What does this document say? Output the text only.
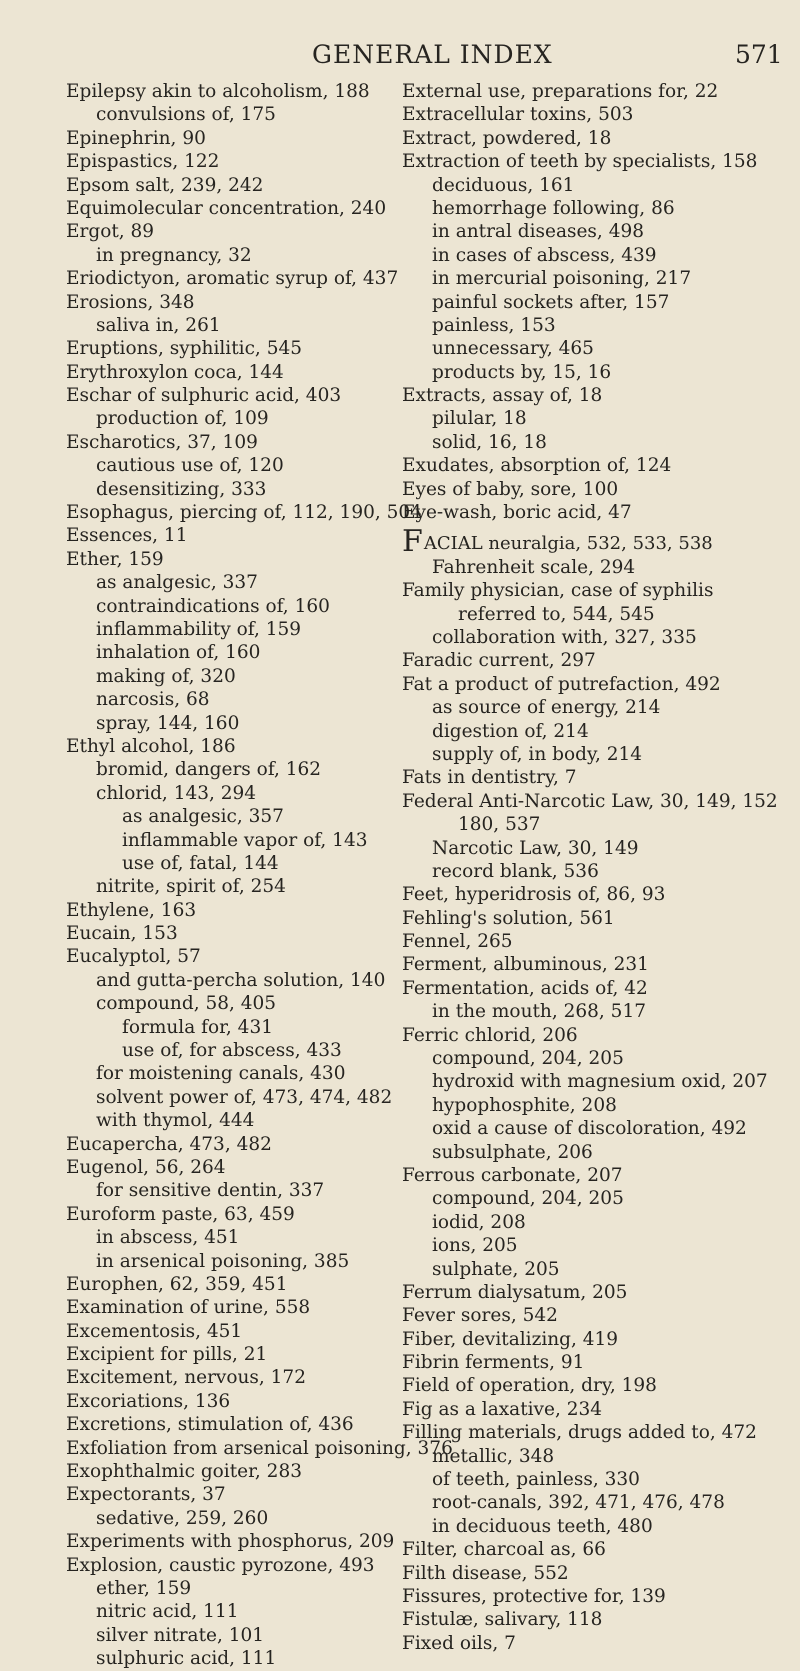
GENERAL INDEX	571
Epilepsy akin to alcoholism, 188
convulsions of, 175
Epinephrin, 90
Epispastics, 122
Epsom salt, 239, 242
Equimolecular concentration, 240
Ergot, 89
in pregnancy, 32
Eriodictyon, aromatic syrup of, 437
Erosions, 348
saliva in, 261
Eruptions, syphilitic, 545
Erythroxylon coca, 144
Eschar of sulphuric acid, 403
production of, 109
Escharotics, 37, 109
cautious use of, 120
desensitizing, 333
Esophagus, piercing of, 112, 190, 504
Essences, 11
Ether, 159
as analgesic, 337
contraindications of, 160
inflammability of, 159
inhalation of, 160
making of, 320
narcosis, 68
spray, 144, 160
Ethyl alcohol, 186
bromid, dangers of, 162
chlorid, 143, 294
as analgesic, 357
inflammable vapor of, 143
use of, fatal, 144
nitrite, spirit of, 254
Ethylene, 163
Eucain, 153
Eucalyptol, 57
and gutta-percha solution, 140
compound, 58, 405
formula for, 431
use of, for abscess, 433
for moistening canals, 430
solvent power of, 473, 474, 482
with thymol, 444
Eucapercha, 473, 482
Eugenol, 56, 264
for sensitive dentin, 337
Euroform paste, 63, 459
in abscess, 451
in arsenical poisoning, 385
Europhen, 62, 359, 451
Examination of urine, 558
Excementosis, 451
Excipient for pills, 21
Excitement, nervous, 172
Excoriations, 136
Excretions, stimulation of, 436
Exfoliation from arsenical poisoning, 376
Exophthalmic goiter, 283
Expectorants, 37
sedative, 259, 260
Experiments with phosphorus, 209
Explosion, caustic pyrozone, 493
ether, 159
nitric acid, 111
silver nitrate, 101
sulphuric acid, 111
External use, preparations for, 22
Extracellular toxins, 503
Extract, powdered, 18
Extraction of teeth by specialists, 158
deciduous, 161
hemorrhage following, 86
in antral diseases, 498
in cases of abscess, 439
in mercurial poisoning, 217
painful sockets after, 157
painless, 153
unnecessary, 465
products by, 15, 16
Extracts, assay of, 18
pilular, 18
solid, 16, 18
Exudates, absorption of, 124
Eyes of baby, sore, 100
Eye-wash, boric acid, 47
FACIAL neuralgia, 532, 533, 538
Fahrenheit scale, 294
Family physician, case of syphilis
referred to, 544, 545
collaboration with, 327, 335
Faradic current, 297
Fat a product of putrefaction, 492
as source of energy, 214
digestion of, 214
supply of, in body, 214
Fats in dentistry, 7
Federal Anti-Narcotic Law, 30, 149, 152
180, 537
Narcotic Law, 30, 149
record blank, 536
Feet, hyperidrosis of, 86, 93
Fehling's solution, 561
Fennel, 265
Ferment, albuminous, 231
Fermentation, acids of, 42
in the mouth, 268, 517
Ferric chlorid, 206
compound, 204, 205
hydroxid with magnesium oxid, 207
hypophosphite, 208
oxid a cause of discoloration, 492
subsulphate, 206
Ferrous carbonate, 207
compound, 204, 205
iodid, 208
ions, 205
sulphate, 205
Ferrum dialysatum, 205
Fever sores, 542
Fiber, devitalizing, 419
Fibrin ferments, 91
Field of operation, dry, 198
Fig as a laxative, 234
Filling materials, drugs added to, 472
metallic, 348
of teeth, painless, 330
root-canals, 392, 471, 476, 478
in deciduous teeth, 480
Filter, charcoal as, 66
Filth disease, 552
Fissures, protective for, 139
Fistulæ, salivary, 118
Fixed oils, 7
